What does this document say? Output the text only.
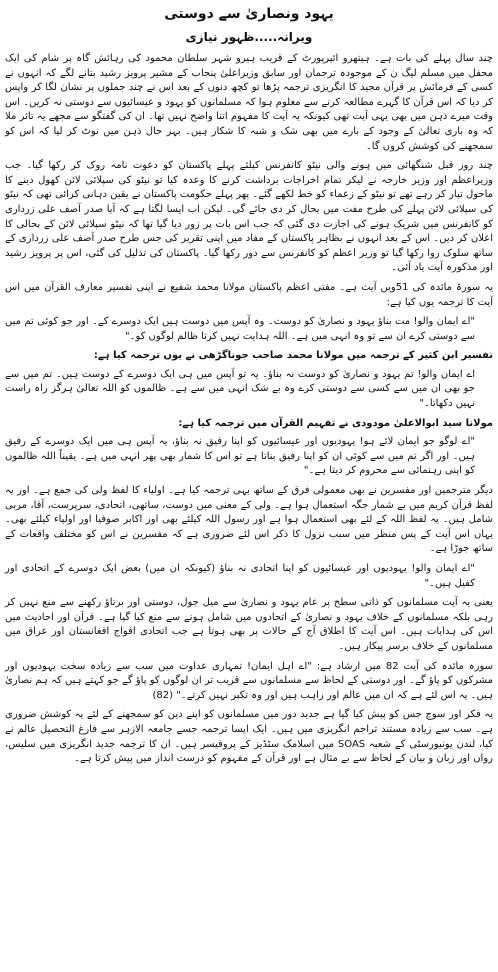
یہود ونصاریٰ سے دوستی
ویرانہ.....ظہور نیازی

چند سال پہلے کی بات ہے۔ ہیتھرو ائیرپورٹ کے قریب ہیرو شہر سلطان محمود کی رہائش گاہ پر شام کی ایک محفل میں مسلم لیگ ن کے موجودہ ترجمان اور سابق وزیراعلیٰ پنجاب کے مشیر پرویز رشید بتانے لگے کہ انہوں نے کسی کے فرمائش پر قرآن مجید کا انگریزی ترجمہ پڑھا تو کچھ دنوں کے بعد اس نے چند جملوں پر نشان لگا کر واپس کر دیا کہ اس قرآن کا گہرے مطالعہ کرنے سے معلوم ہوا کہ مسلمانوں کو یہود و عیسائیوں سے دوستی نہ کریں۔ اس وقت میرے ذہن میں بھی یہی آیت تھی کیونکہ یہ آیت کا مفہوم اتنا واضح نہیں تھا۔ ان کی گفتگو سے مجھے یہ تاثر ملا کہ وہ باری تعالیٰ کے وجود کے بارے میں بھی شک و شبہ کا شکار ہیں۔ بہر حال ذہن میں نوٹ کر لیا کہ اس کو سمجھنے کی کوشش کروں گا۔

چند روز قبل شنگھائی میں ہونے والی نیٹو کانفرنس کیلئے پہلے پاکستان کو دعوت نامہ روک کر رکھا گیا۔ جب وزیراعظم اور وزیر خارجہ نے لیکر تمام اخراجات برداشت کرنے کا وعدہ کیا تو نیٹو کی سپلائی لائن کھول دینے کا ماحول تیار کر رہے تھے تو نیٹو کے زعماء کو خط لکھے گئے۔ پھر پہلے حکومت پاکستان نے یقین دہانی کرائی تھی کہ نیٹو کی سپلائی لائن پہلے کی طرح مفت میں بحال کر دی جائے گی۔ لیکن اب ایسا لگتا ہے کہ آیا صدر آصف علی زرداری کو کانفرنس میں شریک ہونے کی اجازت دی گئی کہ جب اس بات پر زور دیا گیا تھا کہ نیٹو سپلائی لائن کے بحالی کا اعلان کر دیں۔ اس کے بعد انہوں نے بظاہر پاکستان کے مفاد میں اپنی تقریر کی جس طرح صدر آصف علی زرداری کے ساتھ سلوک روا رکھا گیا تو وزیر اعظم کو کانفرنس سے دور رکھا گیا۔ پاکستان کی تذلیل کی گئی، اس پر پرویز رشید اور مذکورہ آیت یاد آئی۔

یہ سورۃ مائدہ کی 51ویں آیت ہے۔ مفتی اعظم پاکستان مولانا محمد شفیع نے اپنی تفسیر معارف القرآن میں اس آیت کا ترجمہ یوں کیا ہے:

"اے ایمان والو! مت بناؤ یہود و نصاریٰ کو دوست۔ وہ آپس میں دوست ہیں ایک دوسرے کے۔ اور جو کوئی تم میں سے دوستی کرے ان سے تو وہ انہی میں ہے۔ اللہ ہدایت نہیں کرتا ظالم لوگوں کو۔"

تفسیر ابن کثیر کے ترجمہ میں مولانا محمد صاحب جوناگڑھی نے یوں ترجمہ کیا ہے:

اے ایمان والو! تم یہود و نصاریٰ کو دوست نہ بناؤ۔ یہ تو آپس میں ہی ایک دوسرے کے دوست ہیں۔ تم میں سے جو بھی ان میں سے کسی سے دوستی کرے وہ بے شک انہی میں سے ہے۔ ظالموں کو اللہ تعالیٰ ہرگز راہ راست نہیں دکھاتا۔"

مولانا سید ابوالاعلیٰ مودودی نے تفہیم القرآن میں ترجمہ کیا ہے:

"اے لوگو جو ایمان لائے ہو! یہودیوں اور عیسائیوں کو اپنا رفیق نہ بناؤ، یہ آپس ہی میں ایک دوسرے کے رفیق ہیں۔ اور اگر تم میں سے کوئی ان کو اپنا رفیق بناتا ہے تو اس کا شمار بھی پھر انہی میں ہے۔ یقیناً اللہ ظالموں کو اپنی رہنمائی سے محروم کر دیتا ہے۔"

دیگر مترجمین اور مفسرین نے بھی معمولی فرق کے ساتھ یہی ترجمہ کیا ہے۔ اولیاء کا لفظ ولی کی جمع ہے۔ اور یہ لفظ قرآن کریم میں بے شمار جگہ استعمال ہوا ہے۔ ولی کے معنی میں دوست، ساتھی، اتحادی، سرپرست، آقا، مربی شامل ہیں۔ یہ لفظ اللہ کے لئے بھی استعمال ہوا ہے اور رسول اللہ کیلئے بھی اور اکابر صوفیا اور اولیاء کیلئے بھی۔ یہاں اس آیت کے پس منظر میں سبب نزول کا ذکر اس لئے ضروری ہے کہ مفسرین نے اس کو مختلف واقعات کے ساتھ جوڑا ہے۔

"اے ایمان والو! یہودیوں اور عیسائیوں کو اپنا اتحادی نہ بناؤ (کیونکہ ان میں) بعض ایک دوسرے کے اتحادی اور کفیل ہیں۔"

یعنی یہ آیت مسلمانوں کو ذاتی سطح پر عام یہود و نصاریٰ سے میل جول، دوستی اور برتاؤ رکھنے سے منع نہیں کر رہی بلکہ مسلمانوں کے خلاف یہود و نصاریٰ کے اتحادوں میں شامل ہونے سے منع کیا گیا ہے۔ قرآن اور احادیث میں اس کی ہدایات ہیں۔ اس آیت کا اطلاق آج کے حالات پر بھی ہوتا ہے جب اتحادی افواج افغانستان اور عراق میں مسلمانوں کے خلاف برسر پیکار ہیں۔

سورہ مائدہ کی آیت 82 میں ارشاد ہے: "اے اہل ایمان! تمہاری عداوت میں سب سے زیادہ سخت یہودیوں اور مشرکوں کو پاؤ گے۔ اور دوستی کے لحاظ سے مسلمانوں سے قریب تر ان لوگوں کو پاؤ گے جو کہتے ہیں کہ ہم نصاریٰ ہیں۔ یہ اس لئے ہے کہ ان میں عالم اور راہب ہیں اور وہ تکبر نہیں کرتے۔" (82)

یہ فکر اور سوچ جس کو پیش کیا گیا ہے جدید دور میں مسلمانوں کو اپنے دین کو سمجھنے کے لئے یہ کوشش ضروری ہے۔ سب سے زیادہ مستند تراجم انگریزی میں ہیں۔ ایک ایسا ترجمہ جسے جامعہ الازہر سے فارغ التحصیل عالم نے کیا، لندن یونیورسٹی کے شعبہ SOAS میں اسلامک سٹڈیز کے پروفیسر ہیں۔ ان کا ترجمہ جدید انگریزی میں سلیس، رواں اور زبان و بیان کے لحاظ سے بے مثال ہے اور قرآن کے مفہوم کو درست انداز میں پیش کرتا ہے۔
